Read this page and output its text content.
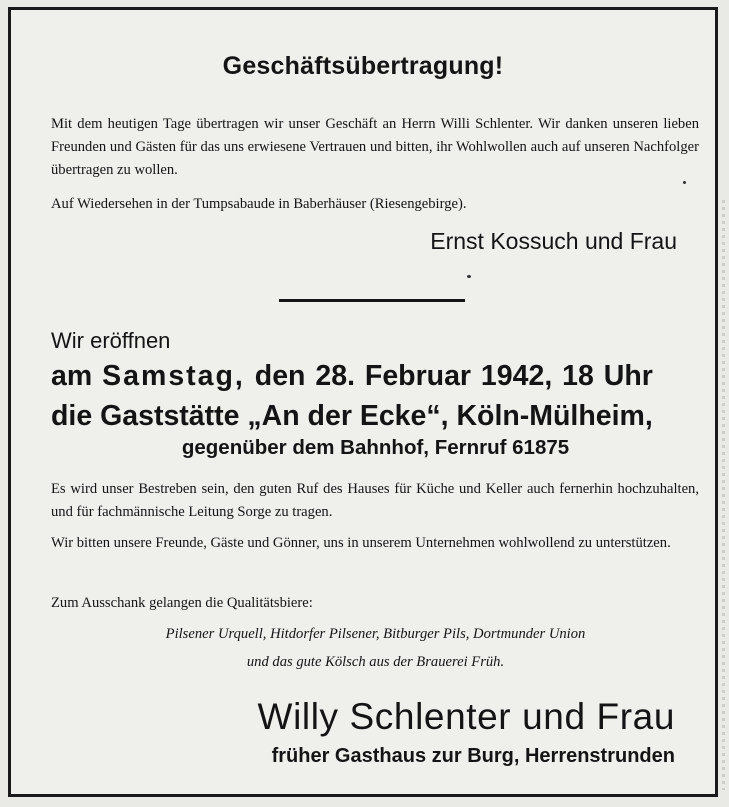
Geschäftsübertragung!

Mit dem heutigen Tage übertragen wir unser Geschäft an Herrn Willi Schlenter. Wir danken unseren lieben Freunden und Gästen für das uns erwiesene Vertrauen und bitten, ihr Wohlwollen auch auf unseren Nachfolger übertragen zu wollen.

Auf Wiedersehen in der Tumpsabaude in Baberhäuser (Riesengebirge).

Ernst Kossuch und Frau
Wir eröffnen
am Samstag, den 28. Februar 1942, 18 Uhr
die Gaststätte „An der Ecke“, Köln-Mülheim,
gegenüber dem Bahnhof, Fernruf 61875

Es wird unser Bestreben sein, den guten Ruf des Hauses für Küche und Keller auch fernerhin hochzuhalten, und für fachmännische Leitung Sorge zu tragen.

Wir bitten unsere Freunde, Gäste und Gönner, uns in unserem Unternehmen wohlwollend zu unterstützen.

Zum Ausschank gelangen die Qualitätsbiere:

Pilsener Urquell, Hitdorfer Pilsener, Bitburger Pils, Dortmunder Union
und das gute Kölsch aus der Brauerei Früh.
Willy Schlenter und Frau
früher Gasthaus zur Burg, Herrenstrunden
